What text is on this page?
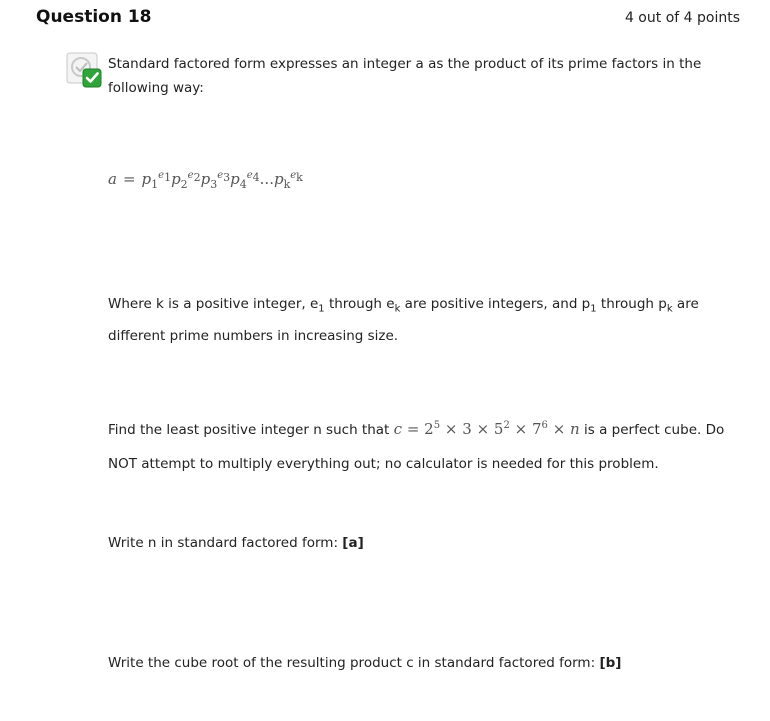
Question 18	4 out of 4 points
Standard factored form expresses an integer a as the product of its prime factors in the following way:
$a = p_1^{e_1}p_2^{e_2}p_3^{e_3}p_4^{e_4}...p_k^{e_k}$
Where k is a positive integer, $e_1$ through $e_k$ are positive integers, and $p_1$ through $p_k$ are different prime numbers in increasing size.
Find the least positive integer n such that $c = 2^5 \times 3 \times 5^2 \times 7^6 \times n$ is a perfect cube. Do NOT attempt to multiply everything out; no calculator is needed for this problem.
Write n in standard factored form: [a]
Write the cube root of the resulting product c in standard factored form: [b]
